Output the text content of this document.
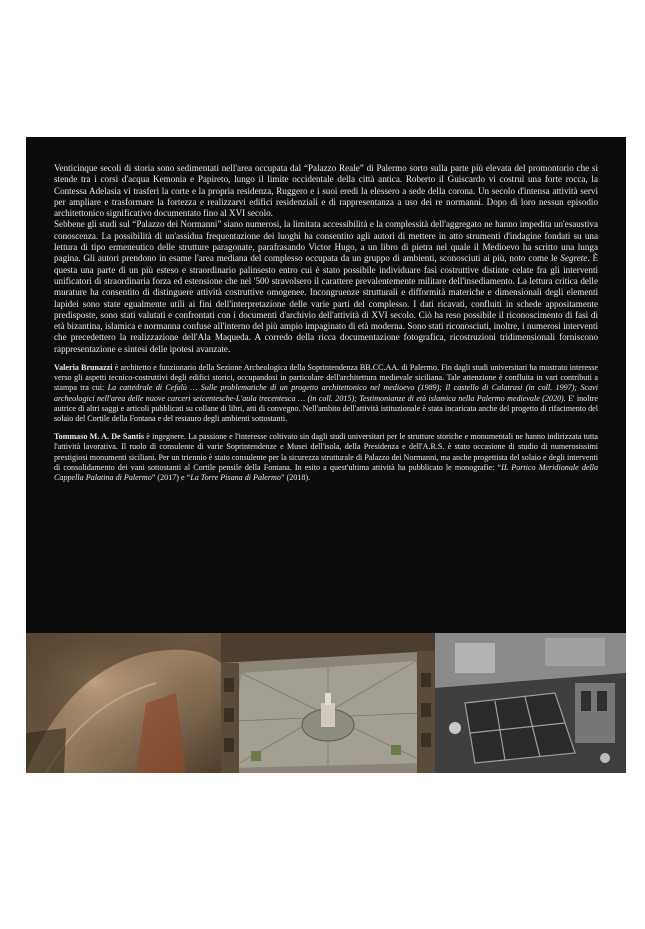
Venticinque secoli di storia sono sedimentati nell'area occupata dal “Palazzo Reale” di Palermo sorto sulla parte più elevata del promontorio che si stende tra i corsi d'acqua Kemonia e Papireto, lungo il limite occidentale della città antica. Roberto il Guiscardo vi costruì una forte rocca, la Contessa Adelasia vi trasferì la corte e la propria residenza, Ruggero e i suoi eredi la elessero a sede della corona. Un secolo d'intensa attività servì per ampliare e trasformare la fortezza e realizzarvi edifici residenziali e di rappresentanza a uso dei re normanni. Dopo di loro nessun episodio architettonico significativo documentato fino al XVI secolo.

Sebbene gli studi sul “Palazzo dei Normanni” siano numerosi, la limitata accessibilità e la complessità dell'aggregato ne hanno impedita un'esaustiva conoscenza. La possibilità di un'assidua frequentazione dei luoghi ha consentito agli autori di mettere in atto strumenti d'indagine fondati su una lettura di tipo ermeneutico delle strutture paragonate, parafrasando Victor Hugo, a un libro di pietra nel quale il Medioevo ha scritto una lunga pagina. Gli autori prendono in esame l'area mediana del complesso occupata da un gruppo di ambienti, sconosciuti ai più, noto come le Segrete. È questa una parte di un più esteso e straordinario palinsesto entro cui è stato possibile individuare fasi costruttive distinte celate fra gli interventi unificatori di straordinaria forza ed estensione che nel '500 stravolsero il carattere prevalentemente militare dell'insediamento. La lettura critica delle murature ha consentito di distinguere attività costruttive omogenee. Incongruenze strutturali e difformità materiche e dimensionali degli elementi lapidei sono state egualmente utili ai fini dell'interpretazione delle varie parti del complesso. I dati ricavati, confluiti in schede appositamente predisposte, sono stati valutati e confrontati con i documenti d'archivio dell'attività di XVI secolo. Ciò ha reso possibile il riconoscimento di fasi di età bizantina, islamica e normanna confuse all'interno del più ampio impaginato di età moderna. Sono stati riconosciuti, inoltre, i numerosi interventi che precedettero la realizzazione dell'Ala Maqueda. A corredo della ricca documentazione fotografica, ricostruzioni tridimensionali forniscono rappresentazione e sintesi delle ipotesi avanzate.

Valeria Brunazzi è architetto e funzionario della Sezione Archeologica della Soprintendenza BB.CC.AA. di Palermo. Fin dagli studi universitari ha mostrato interesse verso gli aspetti tecnico-costruttivi degli edifici storici, occupandosi in particolare dell'architettura medievale siciliana. Tale attenzione è confluita in vari contributi a stampa tra cui: La cattedrale di Cefalù … Sulle problematiche di un progetto architettonico nel medioevo (1989); Il castello di Calatrasi (in coll. 1997); Scavi archeologici nell'area delle nuove carceri seicentesche-L'aula trecentesca … (in coll. 2015); Testimonianze di età islamica nella Palermo medievale (2020). E' inoltre autrice di altri saggi e articoli pubblicati su collane di libri, atti di convegno. Nell'ambito dell'attività istituzionale è stata incaricata anche del progetto di rifacimento del solaio del Cortile della Fontana e del restauro degli ambienti sottostanti.

Tommaso M. A. De Santis è ingegnere. La passione e l'interesse coltivato sin dagli studi universitari per le strutture storiche e monumentali ne hanno indirizzata tutta l'attività lavorativa. Il ruolo di consulente di varie Soprintendenze e Musei dell'isola, della Presidenza e dell'A.R.S. è stato occasione di studio di numerosissimi prestigiosi monumenti siciliani. Per un triennio è stato consulente per la sicurezza strutturale di Palazzo dei Normanni, ma anche progettista del solaio e degli interventi di consolidamento dei vani sottostanti al Cortile pensile della Fontana. In esito a quest'ultima attività ha pubblicato le monografie: “IL Portico Meridionale della Cappella Palatina di Palermo” (2017) e “La Torre Pisana di Palermo” (2018).
